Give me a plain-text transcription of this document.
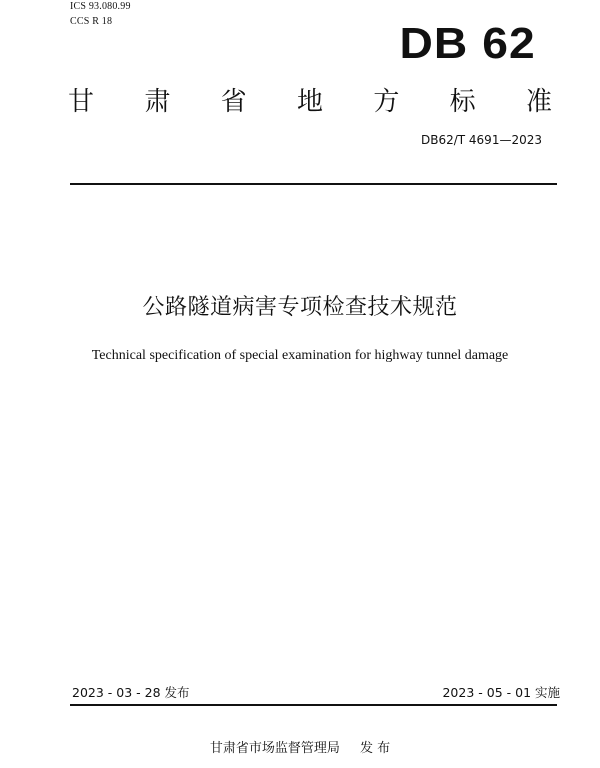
ICS 93.080.99
CCS R 18	DB 62
甘 肃 省 地 方 标 准
DB62/T 4691—2023
公路隧道病害专项检查技术规范
Technical specification of special examination for highway tunnel damage
2023 - 03 - 28 发布	2023 - 05 - 01 实施
甘肃省市场监督管理局 发 布
